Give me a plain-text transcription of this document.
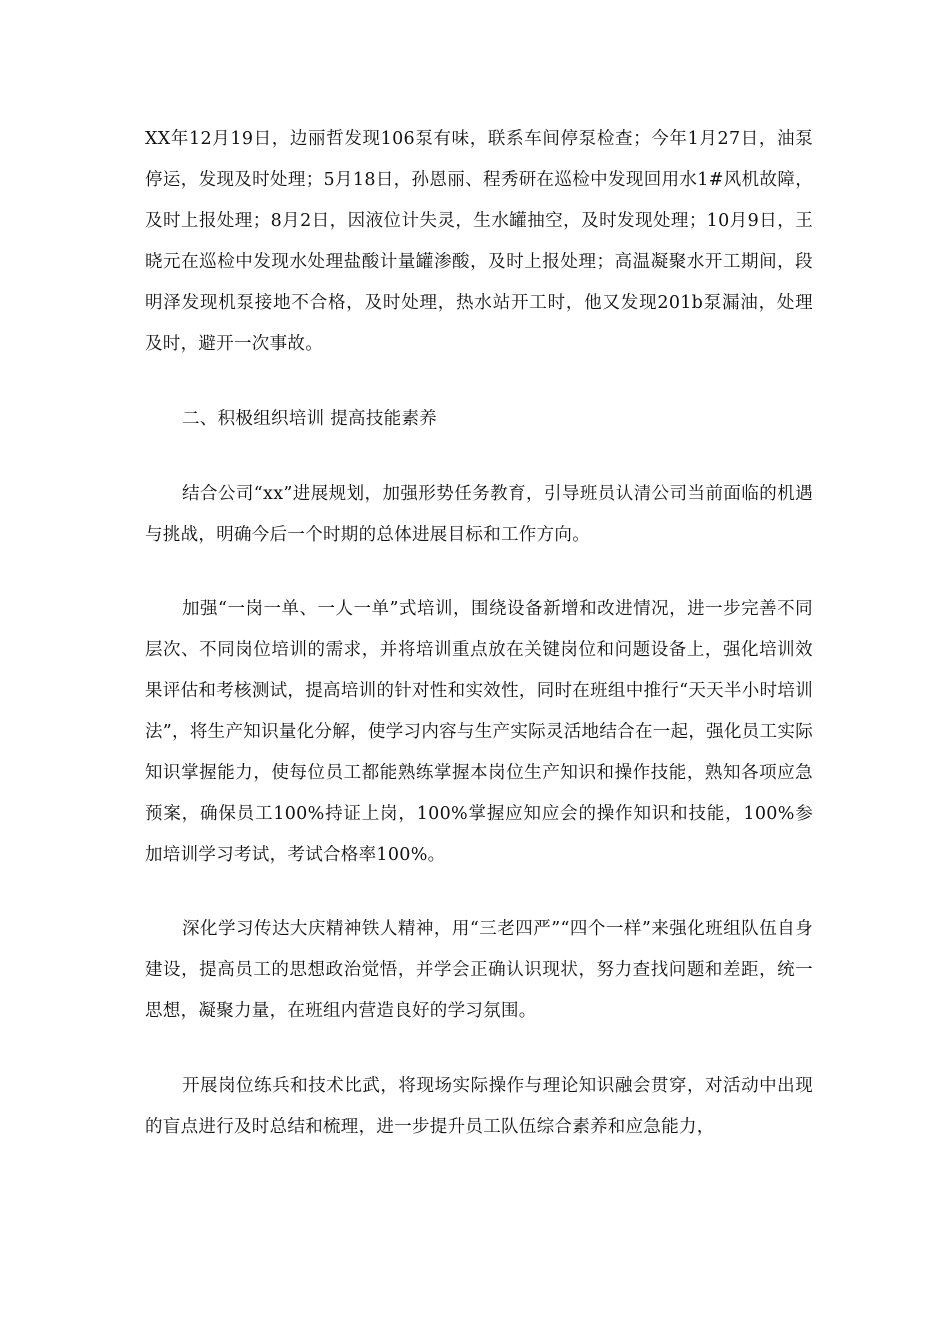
XX年12月19日，边丽哲发现106泵有味，联系车间停泵检查；今年1月27日，油泵停运，发现及时处理；5月18日，孙恩丽、程秀研在巡检中发现回用水1#风机故障，及时上报处理；8月2日，因液位计失灵，生水罐抽空，及时发现处理；10月9日，王晓元在巡检中发现水处理盐酸计量罐渗酸，及时上报处理；高温凝聚水开工期间，段明泽发现机泵接地不合格，及时处理，热水站开工时，他又发现201b泵漏油，处理及时，避开一次事故。

二、积极组织培训 提高技能素养

结合公司“xx”进展规划，加强形势任务教育，引导班员认清公司当前面临的机遇与挑战，明确今后一个时期的总体进展目标和工作方向。

加强“一岗一单、一人一单”式培训，围绕设备新增和改进情况，进一步完善不同层次、不同岗位培训的需求，并将培训重点放在关键岗位和问题设备上，强化培训效果评估和考核测试，提高培训的针对性和实效性，同时在班组中推行“天天半小时培训法”，将生产知识量化分解，使学习内容与生产实际灵活地结合在一起，强化员工实际知识掌握能力，使每位员工都能熟练掌握本岗位生产知识和操作技能，熟知各项应急预案，确保员工100%持证上岗，100%掌握应知应会的操作知识和技能，100%参加培训学习考试，考试合格率100%。

深化学习传达大庆精神铁人精神，用“三老四严”“四个一样”来强化班组队伍自身建设，提高员工的思想政治觉悟，并学会正确认识现状，努力查找问题和差距，统一思想，凝聚力量，在班组内营造良好的学习氛围。

开展岗位练兵和技术比武，将现场实际操作与理论知识融会贯穿，对活动中出现的盲点进行及时总结和梳理，进一步提升员工队伍综合素养和应急能力，
